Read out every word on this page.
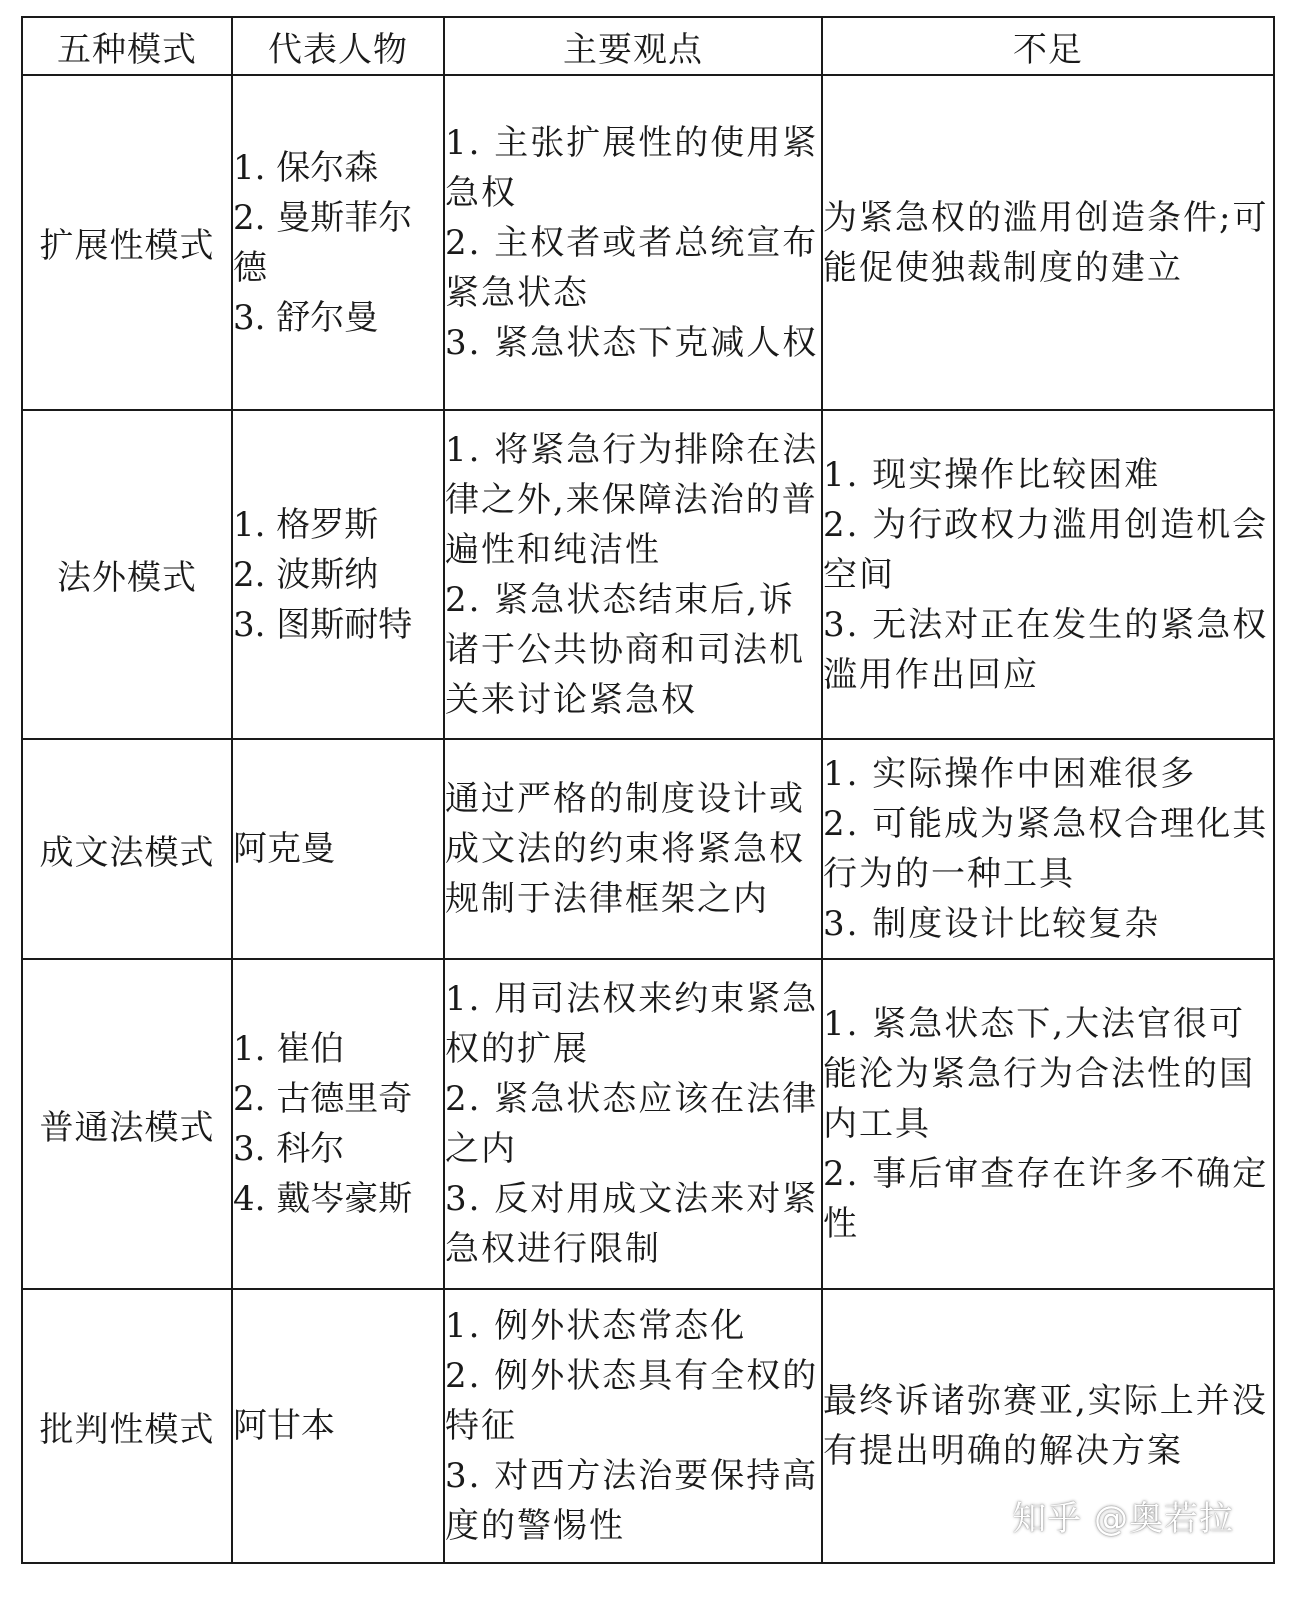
五种模式	代表人物	主要观点	不足
扩展性模式	1. 保尔森
2. 曼斯菲尔德
3. 舒尔曼	1. 主张扩展性的使用紧急权
2. 主权者或者总统宣布紧急状态
3. 紧急状态下克减人权	为紧急权的滥用创造条件;可能促使独裁制度的建立

法外模式	1. 格罗斯
2. 波斯纳
3. 图斯耐特	1. 将紧急行为排除在法律之外,来保障法治的普遍性和纯洁性
2. 紧急状态结束后,诉诸于公共协商和司法机关来讨论紧急权	1. 现实操作比较困难
2. 为行政权力滥用创造机会空间
3. 无法对正在发生的紧急权滥用作出回应

成文法模式	阿克曼	通过严格的制度设计或成文法的约束将紧急权规制于法律框架之内	1. 实际操作中困难很多
2. 可能成为紧急权合理化其行为的一种工具
3. 制度设计比较复杂

普通法模式	1. 崔伯
2. 古德里奇
3. 科尔
4. 戴岑豪斯	1. 用司法权来约束紧急权的扩展
2. 紧急状态应该在法律之内
3. 反对用成文法来对紧急权进行限制	1. 紧急状态下,大法官很可能沦为紧急行为合法性的国内工具
2. 事后审查存在许多不确定性

批判性模式	阿甘本	1. 例外状态常态化
2. 例外状态具有全权的特征
3. 对西方法治要保持高度的警惕性	最终诉诸弥赛亚,实际上并没有提出明确的解决方案
知乎 @奥若拉
